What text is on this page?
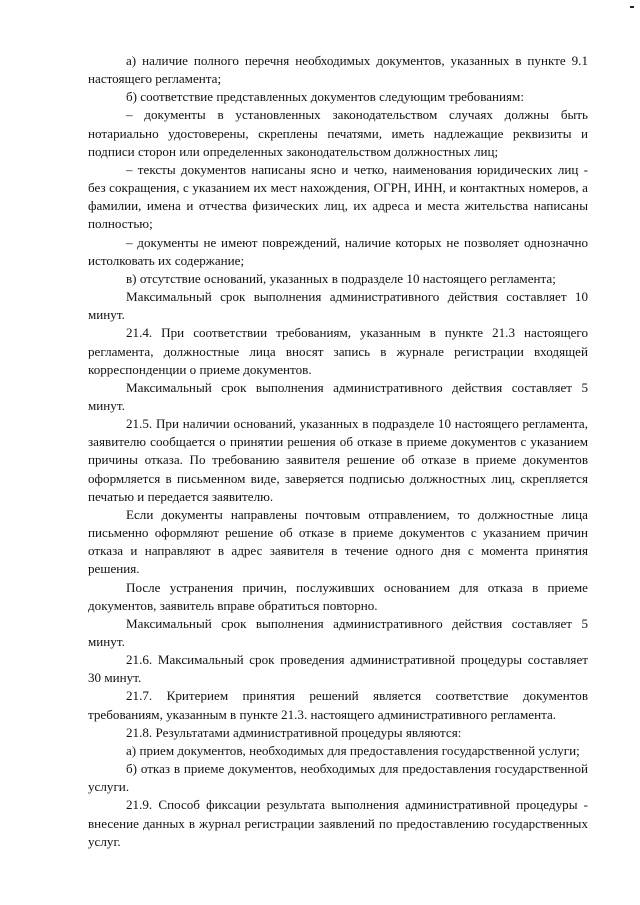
а) наличие полного перечня необходимых документов, указанных в пункте 9.1 настоящего регламента;

б) соответствие представленных документов следующим требованиям:

– документы в установленных законодательством случаях должны быть нотариально удостоверены, скреплены печатями, иметь надлежащие реквизиты и подписи сторон или определенных законодательством должностных лиц;

– тексты документов написаны ясно и четко, наименования юридических лиц - без сокращения, с указанием их мест нахождения, ОГРН, ИНН, и контактных номеров, а фамилии, имена и отчества физических лиц, их адреса и места жительства написаны полностью;

– документы не имеют повреждений, наличие которых не позволяет однозначно истолковать их содержание;

в) отсутствие оснований, указанных в подразделе 10 настоящего регламента;

Максимальный срок выполнения административного действия составляет 10 минут.

21.4. При соответствии требованиям, указанным в пункте 21.3 настоящего регламента, должностные лица вносят запись в журнале регистрации входящей корреспонденции о приеме документов.

Максимальный срок выполнения административного действия составляет 5 минут.

21.5. При наличии оснований, указанных в подразделе 10 настоящего регламента, заявителю сообщается о принятии решения об отказе в приеме документов с указанием причины отказа. По требованию заявителя решение об отказе в приеме документов оформляется в письменном виде, заверяется подписью должностных лиц, скрепляется печатью и передается заявителю.

Если документы направлены почтовым отправлением, то должностные лица письменно оформляют решение об отказе в приеме документов с указанием причин отказа и направляют в адрес заявителя в течение одного дня с момента принятия решения.

После устранения причин, послуживших основанием для отказа в приеме документов, заявитель вправе обратиться повторно.

Максимальный срок выполнения административного действия составляет 5 минут.

21.6. Максимальный срок проведения административной процедуры составляет 30 минут.

21.7. Критерием принятия решений является соответствие документов требованиям, указанным в пункте 21.3. настоящего административного регламента.

21.8. Результатами административной процедуры являются:

а) прием документов, необходимых для предоставления государственной услуги;

б) отказ в приеме документов, необходимых для предоставления государственной услуги.

21.9. Способ фиксации результата выполнения административной процедуры - внесение данных в журнал регистрации заявлений по предоставлению государственных услуг.
